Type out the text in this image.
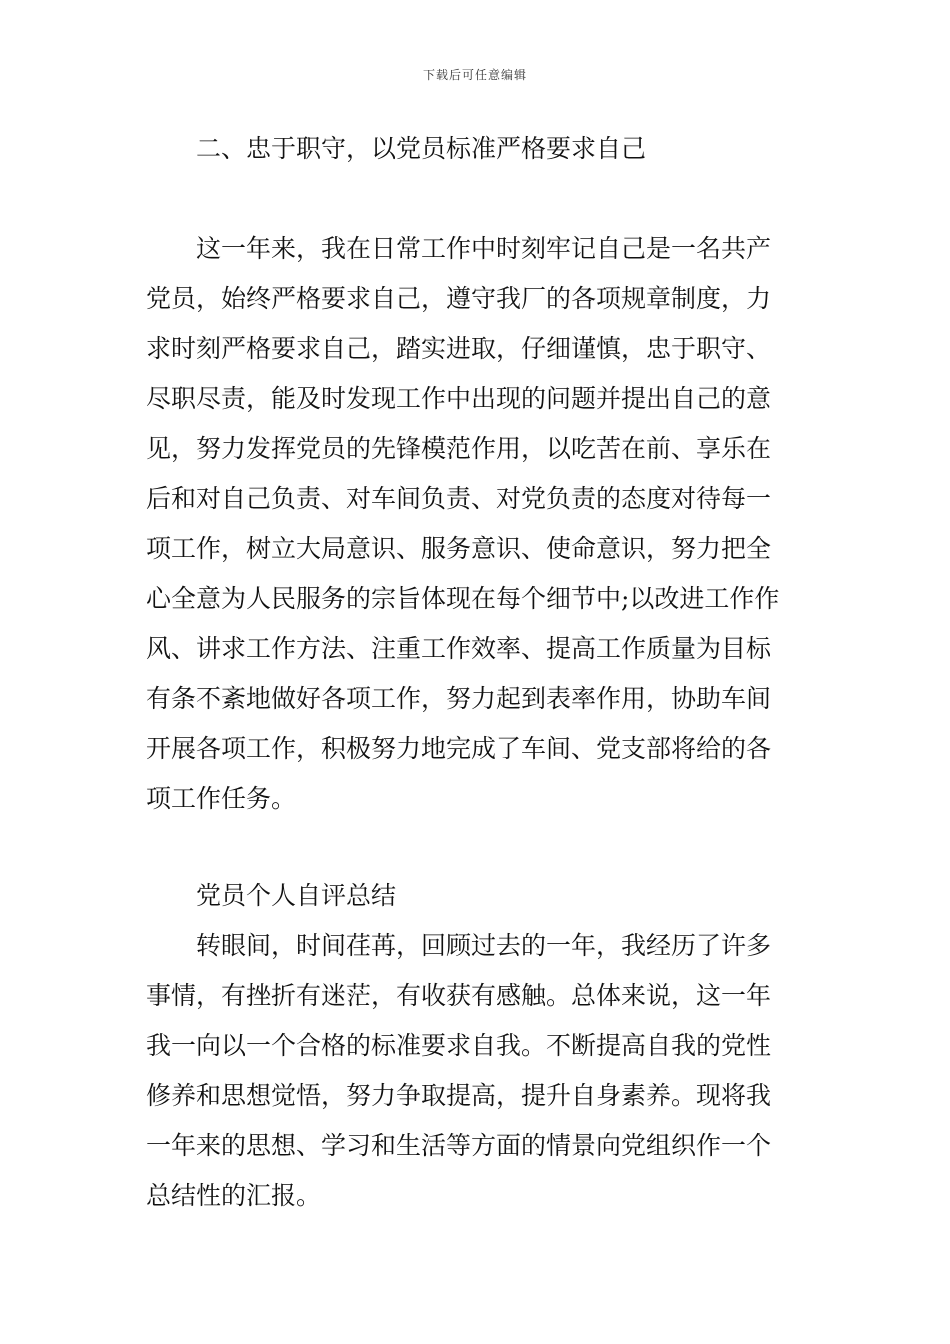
下载后可任意编辑
二、忠于职守，以党员标准严格要求自己
这一年来，我在日常工作中时刻牢记自己是一名共产
党员，始终严格要求自己，遵守我厂的各项规章制度，力
求时刻严格要求自己，踏实进取，仔细谨慎，忠于职守、
尽职尽责，能及时发现工作中出现的问题并提出自己的意
见，努力发挥党员的先锋模范作用，以吃苦在前、享乐在
后和对自己负责、对车间负责、对党负责的态度对待每一
项工作，树立大局意识、服务意识、使命意识，努力把全
心全意为人民服务的宗旨体现在每个细节中;以改进工作作
风、讲求工作方法、注重工作效率、提高工作质量为目标
有条不紊地做好各项工作，努力起到表率作用，协助车间
开展各项工作，积极努力地完成了车间、党支部将给的各
项工作任务。
党员个人自评总结
转眼间，时间荏苒，回顾过去的一年，我经历了许多
事情，有挫折有迷茫，有收获有感触。总体来说，这一年
我一向以一个合格的标准要求自我。不断提高自我的党性
修养和思想觉悟，努力争取提高，提升自身素养。现将我
一年来的思想、学习和生活等方面的情景向党组织作一个
总结性的汇报。
